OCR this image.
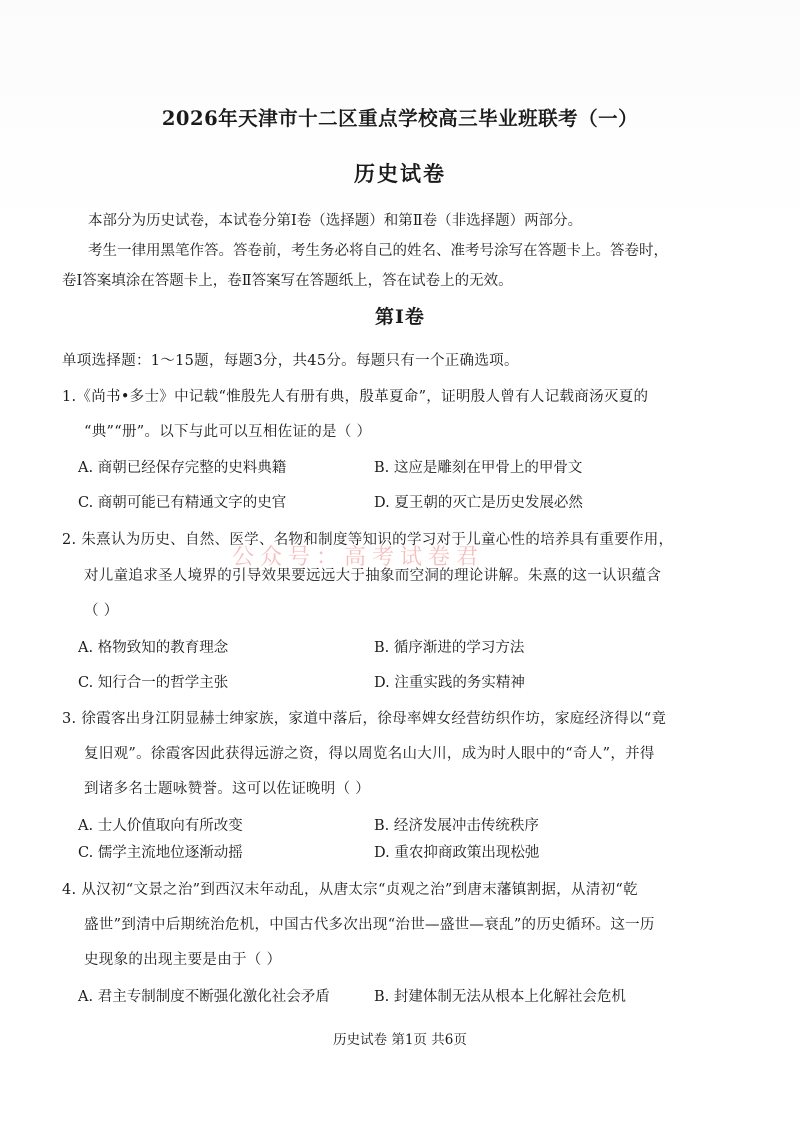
2026年天津市十二区重点学校高三毕业班联考（一）
历史试卷
本部分为历史试卷，本试卷分第Ⅰ卷（选择题）和第Ⅱ卷（非选择题）两部分。
考生一律用黑笔作答。答卷前，考生务必将自己的姓名、准考号涂写在答题卡上。答卷时，
卷Ⅰ答案填涂在答题卡上，卷Ⅱ答案写在答题纸上，答在试卷上的无效。
第Ⅰ卷
单项选择题：1～15题，每题3分，共45分。每题只有一个正确选项。
1.《尚书•多士》中记载“惟殷先人有册有典，殷革夏命”，证明殷人曾有人记载商汤灭夏的
“典”“册”。以下与此可以互相佐证的是（ ）
A. 商朝已经保存完整的史料典籍	B. 这应是雕刻在甲骨上的甲骨文
C. 商朝可能已有精通文字的史官	D. 夏王朝的灭亡是历史发展必然
公众号：高考试卷君
2. 朱熹认为历史、自然、医学、名物和制度等知识的学习对于儿童心性的培养具有重要作用，
对儿童追求圣人境界的引导效果要远远大于抽象而空洞的理论讲解。朱熹的这一认识蕴含
（ ）
A. 格物致知的教育理念	B. 循序渐进的学习方法
C. 知行合一的哲学主张	D. 注重实践的务实精神
3. 徐霞客出身江阴显赫士绅家族，家道中落后，徐母率婢女经营纺织作坊，家庭经济得以“竟
复旧观”。徐霞客因此获得远游之资，得以周览名山大川，成为时人眼中的“奇人”，并得
到诸多名士题咏赞誉。这可以佐证晚明（ ）
A. 士人价值取向有所改变	B. 经济发展冲击传统秩序
C. 儒学主流地位逐渐动摇	D. 重农抑商政策出现松弛
4. 从汉初“文景之治”到西汉末年动乱，从唐太宗“贞观之治”到唐末藩镇割据，从清初“乾
盛世”到清中后期统治危机，中国古代多次出现“治世—盛世—衰乱”的历史循环。这一历
史现象的出现主要是由于（ ）
A. 君主专制制度不断强化激化社会矛盾	B. 封建体制无法从根本上化解社会危机
历史试卷 第1页 共6页
